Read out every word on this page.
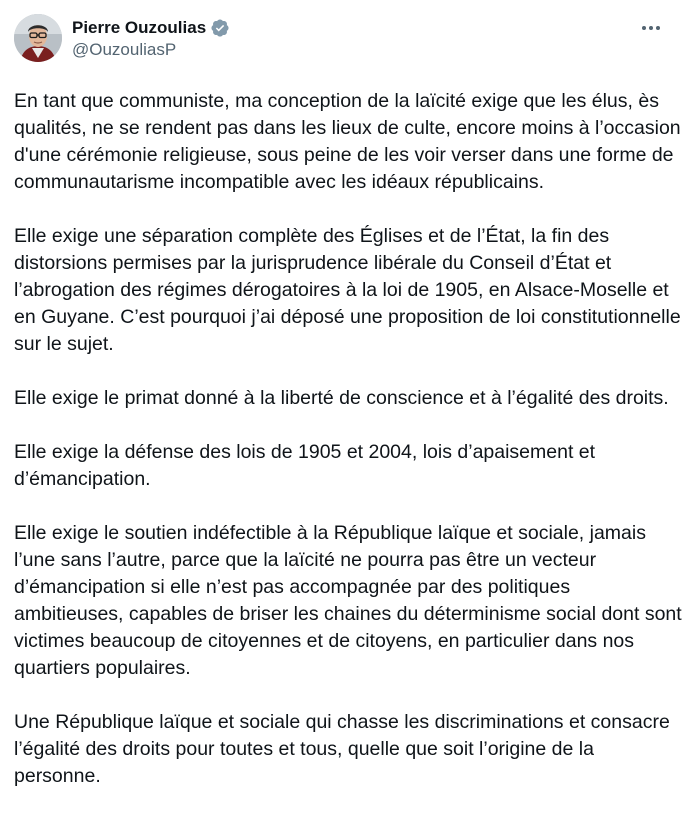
Pierre Ouzoulias
@OuzouliasP

En tant que communiste, ma conception de la laïcité exige que les élus, ès qualités, ne se rendent pas dans les lieux de culte, encore moins à l’occasion d'une cérémonie religieuse, sous peine de les voir verser dans une forme de communautarisme incompatible avec les idéaux républicains.

Elle exige une séparation complète des Églises et de l’État, la fin des distorsions permises par la jurisprudence libérale du Conseil d’État et l’abrogation des régimes dérogatoires à la loi de 1905, en Alsace-Moselle et en Guyane. C’est pourquoi j’ai déposé une proposition de loi constitutionnelle sur le sujet.

Elle exige le primat donné à la liberté de conscience et à l’égalité des droits.

Elle exige la défense des lois de 1905 et 2004, lois d’apaisement et d’émancipation.

Elle exige le soutien indéfectible à la République laïque et sociale, jamais l’une sans l’autre, parce que la laïcité ne pourra pas être un vecteur d’émancipation si elle n’est pas accompagnée par des politiques ambitieuses, capables de briser les chaines du déterminisme social dont sont victimes beaucoup de citoyennes et de citoyens, en particulier dans nos quartiers populaires.

Une République laïque et sociale qui chasse les discriminations et consacre l’égalité des droits pour toutes et tous, quelle que soit l’origine de la personne.
